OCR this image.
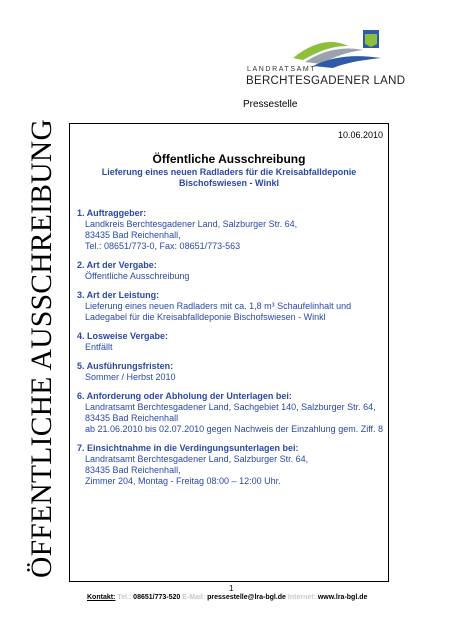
LANDRATSAMT
BERCHTESGADENER LAND
Pressestelle
ÖFFENTLICHE AUSSCHREIBUNG	10.06.2010
Öffentliche Ausschreibung
Lieferung eines neuen Radladers für die Kreisabfalldeponie
Bischofswiesen - Winkl
1. Auftraggeber:
Landkreis Berchtesgadener Land, Salzburger Str. 64,
83435 Bad Reichenhall,
Tel.: 08651/773-0, Fax: 08651/773-563
2. Art der Vergabe:
Öffentliche Ausschreibung
3. Art der Leistung:
Lieferung eines neuen Radladers mit ca. 1,8 m³ Schaufelinhalt und
Ladegabel für die Kreisabfalldeponie Bischofswiesen - Winkl
4. Losweise Vergabe:
Entfällt
5. Ausführungsfristen:
Sommer / Herbst 2010
6. Anforderung oder Abholung der Unterlagen bei:
Landratsamt Berchtesgadener Land, Sachgebiet 140, Salzburger Str. 64,
83435 Bad Reichenhall
ab 21.06.2010 bis 02.07.2010 gegen Nachweis der Einzahlung gem. Ziff. 8
7. Einsichtnahme in die Verdingungsunterlagen bei:
Landratsamt Berchtesgadener Land, Salzburger Str. 64,
83435 Bad Reichenhall,
Zimmer 204, Montag - Freitag 08:00 – 12:00 Uhr.
1
Kontakt: Tel.: 08651/773-520 E-Mail: pressestelle@lra-bgl.de Internet: www.lra-bgl.de
